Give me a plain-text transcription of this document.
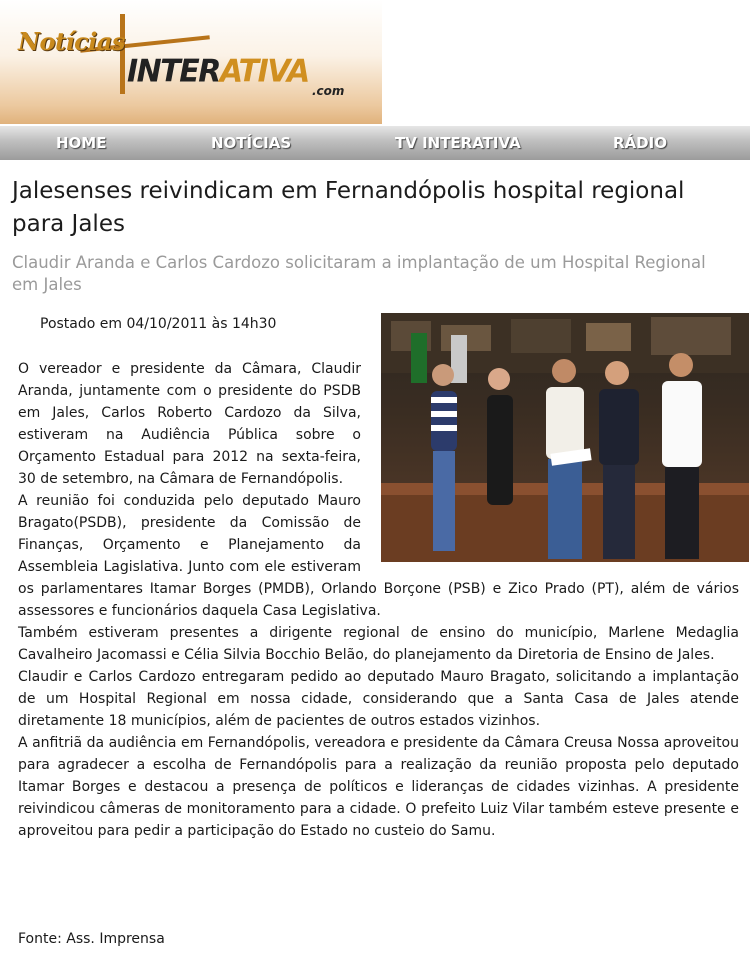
Notícias
INTERATIVA
.com
HOME	NOTÍCIAS	TV INTERATIVA	RÁDIO
Jalesenses reivindicam em Fernandópolis hospital regional para Jales

Claudir Aranda e Carlos Cardozo solicitaram a implantação de um Hospital Regional em Jales

Postado em 04/10/2011 às 14h30

O vereador e presidente da Câmara, Claudir Aranda, juntamente com o presidente do PSDB em Jales, Carlos Roberto Cardozo da Silva, estiveram na Audiência Pública sobre o Orçamento Estadual para 2012 na sexta-feira, 30 de setembro, na Câmara de Fernandópolis.

A reunião foi conduzida pelo deputado Mauro Bragato(PSDB), presidente da Comissão de Finanças, Orçamento e Planejamento da Assembleia Lagislativa. Junto com ele estiveram os parlamentares Itamar Borges (PMDB), Orlando Borçone (PSB) e Zico Prado (PT), além de vários assessores e funcionários daquela Casa Legislativa.

Também estiveram presentes a dirigente regional de ensino do município, Marlene Medaglia Cavalheiro Jacomassi e Célia Silvia Bocchio Belão, do planejamento da Diretoria de Ensino de Jales.

Claudir e Carlos Cardozo entregaram pedido ao deputado Mauro Bragato, solicitando a implantação de um Hospital Regional em nossa cidade, considerando que a Santa Casa de Jales atende diretamente 18 municípios, além de pacientes de outros estados vizinhos.

A anfitriã da audiência em Fernandópolis, vereadora e presidente da Câmara Creusa Nossa aproveitou para agradecer a escolha de Fernandópolis para a realização da reunião proposta pelo deputado Itamar Borges e destacou a presença de políticos e lideranças de cidades vizinhas. A presidente reivindicou câmeras de monitoramento para a cidade. O prefeito Luiz Vilar também esteve presente e aproveitou para pedir a participação do Estado no custeio do Samu.

Fonte: Ass. Imprensa
